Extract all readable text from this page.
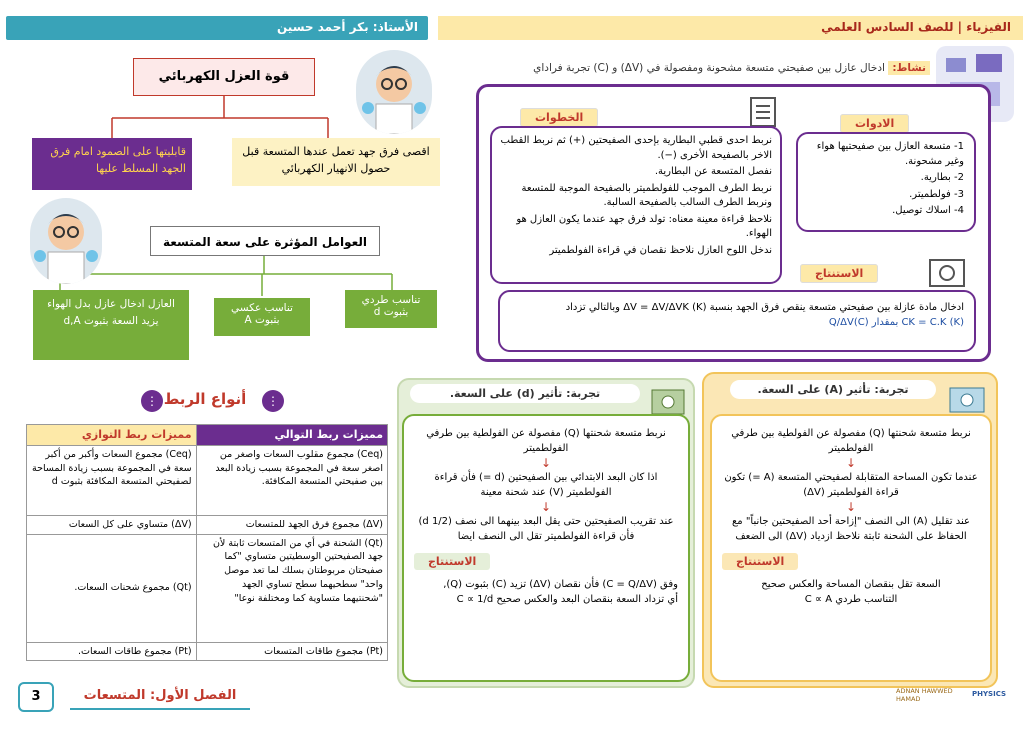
الأستاذ: بكر أحمد حسين	الفيزياء | للصف السادس العلمي
قوة العزل الكهربائي
قابليتها على الصمود امام فرق الجهد المسلط عليها
اقصى فرق جهد تعمل عندها المتسعة قبل حصول الانهيار الكهربائي
العوامل المؤثرة على سعة المتسعة
تناسب طردي بثبوت d
تناسب عكسي بثبوت A
العازل ادخال عازل بدل الهواء يزيد السعة بثبوت d,A
نشاط: ادخال عازل بين صفيحتي متسعة مشحونة ومفصولة في (ΔV) و (C) تجربة فراداي
الخطوات
نربط احدى قطبي البطارية بإحدى الصفيحتين (+) ثم نربط القطب الاخر بالصفيحة الأخرى (−).
نفصل المتسعة عن البطارية.
نربط الطرف الموجب للفولطميتر بالصفيحة الموجبة للمتسعة ونربط الطرف السالب بالصفيحة السالبة.
نلاحظ قراءة معينة معناه: تولد فرق جهد عندما يكون العازل هو الهواء.
ندخل اللوح العازل نلاحظ نقصان في قراءة الفولطميتر
الادوات
1- متسعة العازل بين صفيحتيها هواء وغير مشحونة.
2- بطارية.
3- فولطميتر.
4- اسلاك توصيل.
الاستنتاج
ادخال مادة عازلة بين صفيحتي متسعة ينقص فرق الجهد بنسبة (K) ΔV = ΔV/ΔVK وبالتالي تزداد
CK = C.K (K) بمقدار Q/ΔV(C)
أنواع الربط	⋮
⋮
مميزات ربط التوالي	مميزات ربط التوازي
(Ceq) مجموع مقلوب السعات واصغر من اصغر سعة في المجموعة بسبب زيادة البعد بين صفيحتي المتسعة المكافئة.	(Ceq) مجموع السعات وأكبر من أكبر سعة في المجموعة بسبب زيادة المساحة لصفيحتي المتسعة المكافئة بثبوت d
(ΔV) مجموع فرق الجهد للمتسعات	(ΔV) متساوي على كل السعات
(Qt) الشحنة في أي من المتسعات ثابتة لأن جهد الصفيحتين الوسطيتين متساوي "كما صفيحتان مربوطتان بسلك لما تعد موصل واحد" سطحيهما سطح تساوي الجهد "شحنتيهما متساوية كما ومختلفة نوعا"	(Qt) مجموع شحنات السعات.
(Pt) مجموع طاقات المتسعات	(Pt) مجموع طاقات السعات.
تجربة: تأثير (d) على السعة.
نربط متسعة شحنتها (Q) مفصولة عن الفولطية بين طرفي الفولطميتر
↓
اذا كان البعد الابتدائي بين الصفيحتين (d =) فأن قراءة الفولطميتر (V) عند شحنة معينة
↓
عند تقريب الصفيحتين حتى يقل البعد بينهما الى نصف (1/2 d) فأن قراءة الفولطميتر تقل الى النصف ايضا
الاستنتاج
وفق (C = Q/ΔV) فأن نقصان (ΔV) تزيد (C) بثبوت (Q),
أي تزداد السعة بنقصان البعد والعكس صحيح C ∝ 1/d
تجربة: تأثير (A) على السعة.
نربط متسعة شحنتها (Q) مفصولة عن الفولطية بين طرفي الفولطميتر
↓
عندما تكون المساحة المتقابلة لصفيحتي المتسعة (A =) تكون قراءة الفولطميتر (ΔV)
↓
عند تقليل (A) الى النصف "إزاحة أحد الصفيحتين جانباً" مع الحفاظ على الشحنة ثابتة نلاحظ ازدياد (ΔV) الى الضعف
الاستنتاج
السعة تقل بنقصان المساحة والعكس صحيح
التناسب طردي C ∝ A
3	الفصل الأول: المتسعات	ADNAN HAWWED HAMAD
PHYSICS
